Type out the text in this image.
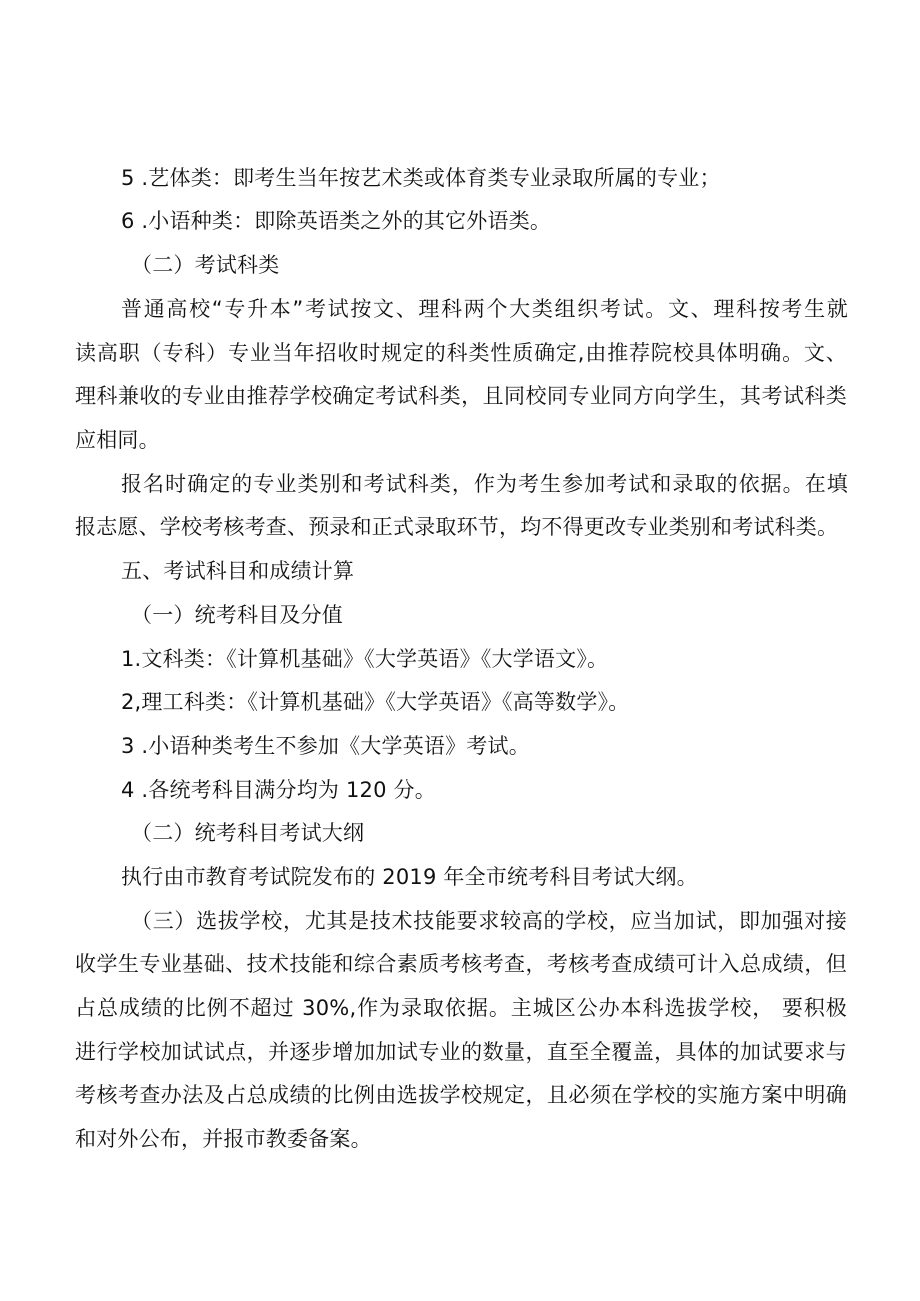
5 .艺体类：即考生当年按艺术类或体育类专业录取所属的专业；
6 .小语种类：即除英语类之外的其它外语类。
（二）考试科类
普通高校“专升本”考试按文、理科两个大类组织考试。文、理科按考生就
读高职（专科）专业当年招收时规定的科类性质确定,由推荐院校具体明确。文、
理科兼收的专业由推荐学校确定考试科类，且同校同专业同方向学生，其考试科类
应相同。
报名时确定的专业类别和考试科类，作为考生参加考试和录取的依据。在填
报志愿、学校考核考查、预录和正式录取环节，均不得更改专业类别和考试科类。
五、考试科目和成绩计算
（一）统考科目及分值
1.文科类：《计算机基础》《大学英语》《大学语文》。
2,理工科类：《计算机基础》《大学英语》《高等数学》。
3 .小语种类考生不参加《大学英语》考试。
4 .各统考科目满分均为 120 分。
（二）统考科目考试大纲
执行由市教育考试院发布的 2019 年全市统考科目考试大纲。
（三）选拔学校，尤其是技术技能要求较高的学校，应当加试，即加强对接
收学生专业基础、技术技能和综合素质考核考查，考核考查成绩可计入总成绩，但
占总成绩的比例不超过 30%,作为录取依据。主城区公办本科选拔学校， 要积极
进行学校加试试点，并逐步增加加试专业的数量，直至全覆盖，具体的加试要求与
考核考查办法及占总成绩的比例由选拔学校规定，且必须在学校的实施方案中明确
和对外公布，并报市教委备案。
